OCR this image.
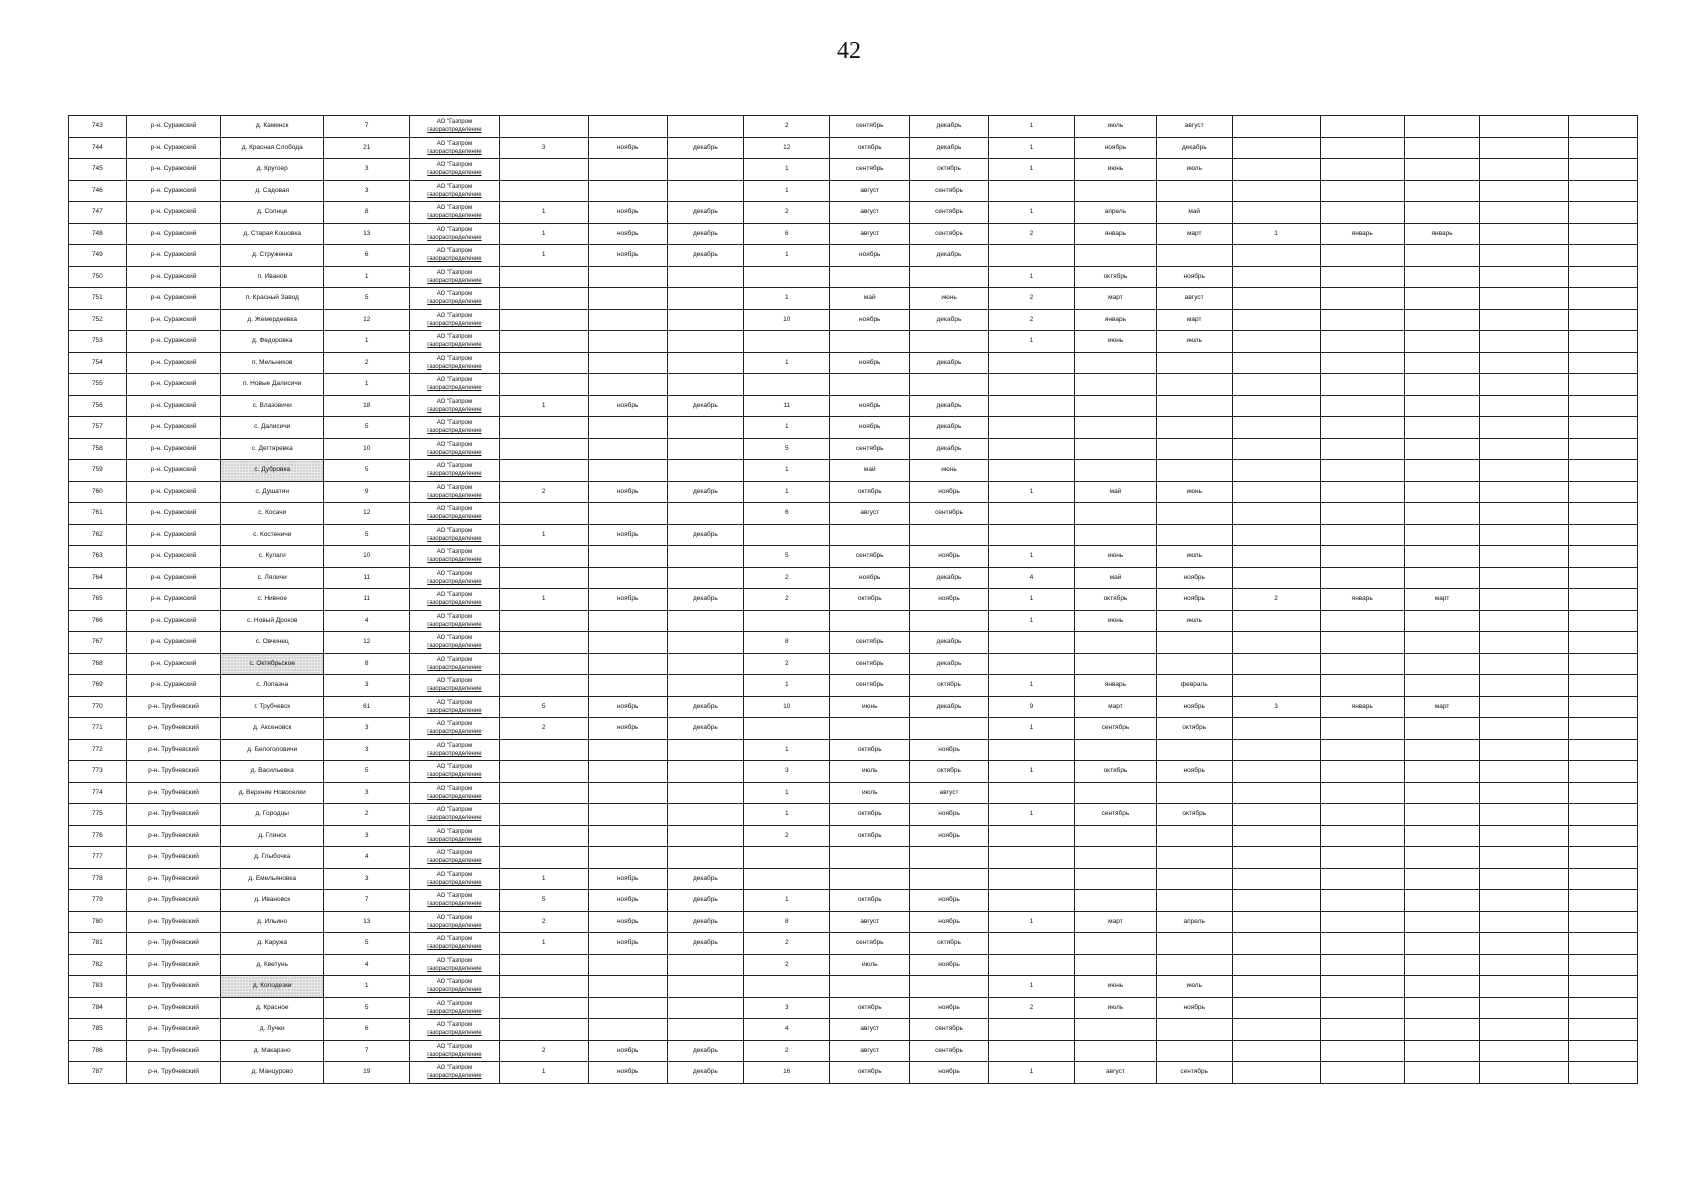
42
743	р-н. Суражский	д. Каменск	7	АО "Газпром
газораспределение				2	сентябрь	декабрь	1	июль	август					
744	р-н. Суражский	д. Красная Слобода	21	АО "Газпром
газораспределение	3	ноябрь	декабрь	12	октябрь	декабрь	1	ноябрь	декабрь					
745	р-н. Суражский	д. Кругоер	3	АО "Газпром
газораспределение				1	сентябрь	октябрь	1	июнь	июль					
746	р-н. Суражский	д. Садовая	3	АО "Газпром
газораспределение				1	август	сентябрь								
747	р-н. Суражский	д. Солнце	8	АО "Газпром
газораспределение	1	ноябрь	декабрь	2	август	сентябрь	1	апрель	май					
748	р-н. Суражский	д. Старая Кошовка	13	АО "Газпром
газораспределение	1	ноябрь	декабрь	6	август	сентябрь	2	январь	март	1	январь	январь		
749	р-н. Суражский	д. Струженка	6	АО "Газпром
газораспределение	1	ноябрь	декабрь	1	ноябрь	декабрь								
750	р-н. Суражский	п. Иванов	1	АО "Газпром
газораспределение							1	октябрь	ноябрь					
751	р-н. Суражский	п. Красный Завод	5	АО "Газпром
газораспределение				1	май	июнь	2	март	август					
752	р-н. Суражский	д. Жемердеевка	12	АО "Газпром
газораспределение				10	ноябрь	декабрь	2	январь	март					
753	р-н. Суражский	д. Федоровка	1	АО "Газпром
газораспределение							1	июнь	июль					
754	р-н. Суражский	п. Мельников	2	АО "Газпром
газораспределение				1	ноябрь	декабрь								
755	р-н. Суражский	п. Новые Далисичи	1	АО "Газпром
газораспределение														

756	р-н. Суражский	с. Влазовичи	18	АО "Газпром
газораспределение	1	ноябрь	декабрь	11	ноябрь	декабрь								
757	р-н. Суражский	с. Далисичи	5	АО "Газпром
газораспределение				1	ноябрь	декабрь								
758	р-н. Суражский	с. Дегтяревка	10	АО "Газпром
газораспределение				5	сентябрь	декабрь								
759	р-н. Суражский	с. Дубровка	5	АО "Газпром
газораспределение				1	май	июнь								
760	р-н. Суражский	с. Душатин	9	АО "Газпром
газораспределение	2	ноябрь	декабрь	1	октябрь	ноябрь	1	май	июнь					
761	р-н. Суражский	с. Косачи	12	АО "Газпром
газораспределение				6	август	сентябрь								
762	р-н. Суражский	с. Костеничи	5	АО "Газпром
газораспределение	1	ноябрь	декабрь											
763	р-н. Суражский	с. Кулаги	10	АО "Газпром
газораспределение				5	сентябрь	ноябрь	1	июнь	июль					
764	р-н. Суражский	с. Ляличи	11	АО "Газпром
газораспределение				2	ноябрь	декабрь	4	май	ноябрь					
765	р-н. Суражский	с. Нивное	11	АО "Газпром
газораспределение	1	ноябрь	декабрь	2	октябрь	ноябрь	1	октябрь	ноябрь	2	январь	март		
766	р-н. Суражский	с. Новый Дроков	4	АО "Газпром
газораспределение							1	июнь	июль					
767	р-н. Суражский	с. Овчинец	12	АО "Газпром
газораспределение				8	сентябрь	декабрь								
768	р-н. Суражский	с. Октябрьское	8	АО "Газпром
газораспределение				2	сентябрь	декабрь								
769	р-н. Суражский	с. Лопазна	3	АО "Газпром
газораспределение				1	сентябрь	октябрь	1	январь	февраль					
770	р-н. Трубчевский	г. Трубчевск	61	АО "Газпром
газораспределение	5	ноябрь	декабрь	10	июнь	декабрь	9	март	ноябрь	3	январь	март		
771	р-н. Трубчевский	д. Аксеновск	3	АО "Газпром
газораспределение	2	ноябрь	декабрь				1	сентябрь	октябрь					
772	р-н. Трубчевский	д. Белоголовичи	3	АО "Газпром
газораспределение				1	октябрь	ноябрь								
773	р-н. Трубчевский	д. Васильевка	5	АО "Газпром
газораспределение				3	июль	октябрь	1	октябрь	ноябрь					
774	р-н. Трубчевский	д. Верхние Новоселки	3	АО "Газпром
газораспределение				1	июль	август								
775	р-н. Трубчевский	д. Городцы	2	АО "Газпром
газораспределение				1	октябрь	ноябрь	1	сентябрь	октябрь					
776	р-н. Трубчевский	д. Глинск	3	АО "Газпром
газораспределение				2	октябрь	ноябрь								
777	р-н. Трубчевский	д. Глыбочка	4	АО "Газпром
газораспределение														

778	р-н. Трубчевский	д. Емельяновка	3	АО "Газпром
газораспределение	1	ноябрь	декабрь											
779	р-н. Трубчевский	д. Ивановск	7	АО "Газпром
газораспределение	5	ноябрь	декабрь	1	октябрь	ноябрь								
780	р-н. Трубчевский	д. Ильино	13	АО "Газпром
газораспределение	2	ноябрь	декабрь	8	август	ноябрь	1	март	апрель					
781	р-н. Трубчевский	д. Каружа	5	АО "Газпром
газораспределение	1	ноябрь	декабрь	2	сентябрь	октябрь								
782	р-н. Трубчевский	д. Кветунь	4	АО "Газпром
газораспределение				2	июль	ноябрь								
783	р-н. Трубчевский	д. Колодезки	1	АО "Газпром
газораспределение							1	июнь	июль					
784	р-н. Трубчевский	д. Красное	5	АО "Газпром
газораспределение				3	октябрь	ноябрь	2	июль	ноябрь					
785	р-н. Трубчевский	д. Лучки	6	АО "Газпром
газораспределение				4	август	сентябрь								
786	р-н. Трубчевский	д. Макарзно	7	АО "Газпром
газораспределение	2	ноябрь	декабрь	2	август	сентябрь								
787	р-н. Трубчевский	д. Манцурово	19	АО "Газпром
газораспределение	1	ноябрь	декабрь	16	октябрь	ноябрь	1	август	сентябрь					
